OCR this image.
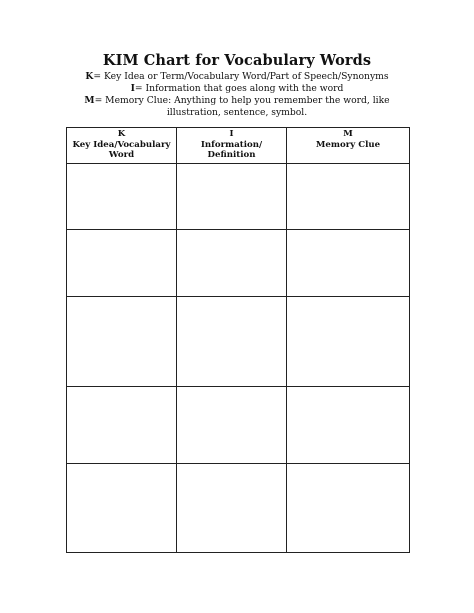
KIM Chart for Vocabulary Words
K= Key Idea or Term/Vocabulary Word/Part of Speech/Synonyms
I= Information that goes along with the word
M= Memory Clue: Anything to help you remember the word, like
illustration, sentence, symbol.
K
Key Idea/Vocabulary
Word	I
Information/
Definition	M
Memory Clue
